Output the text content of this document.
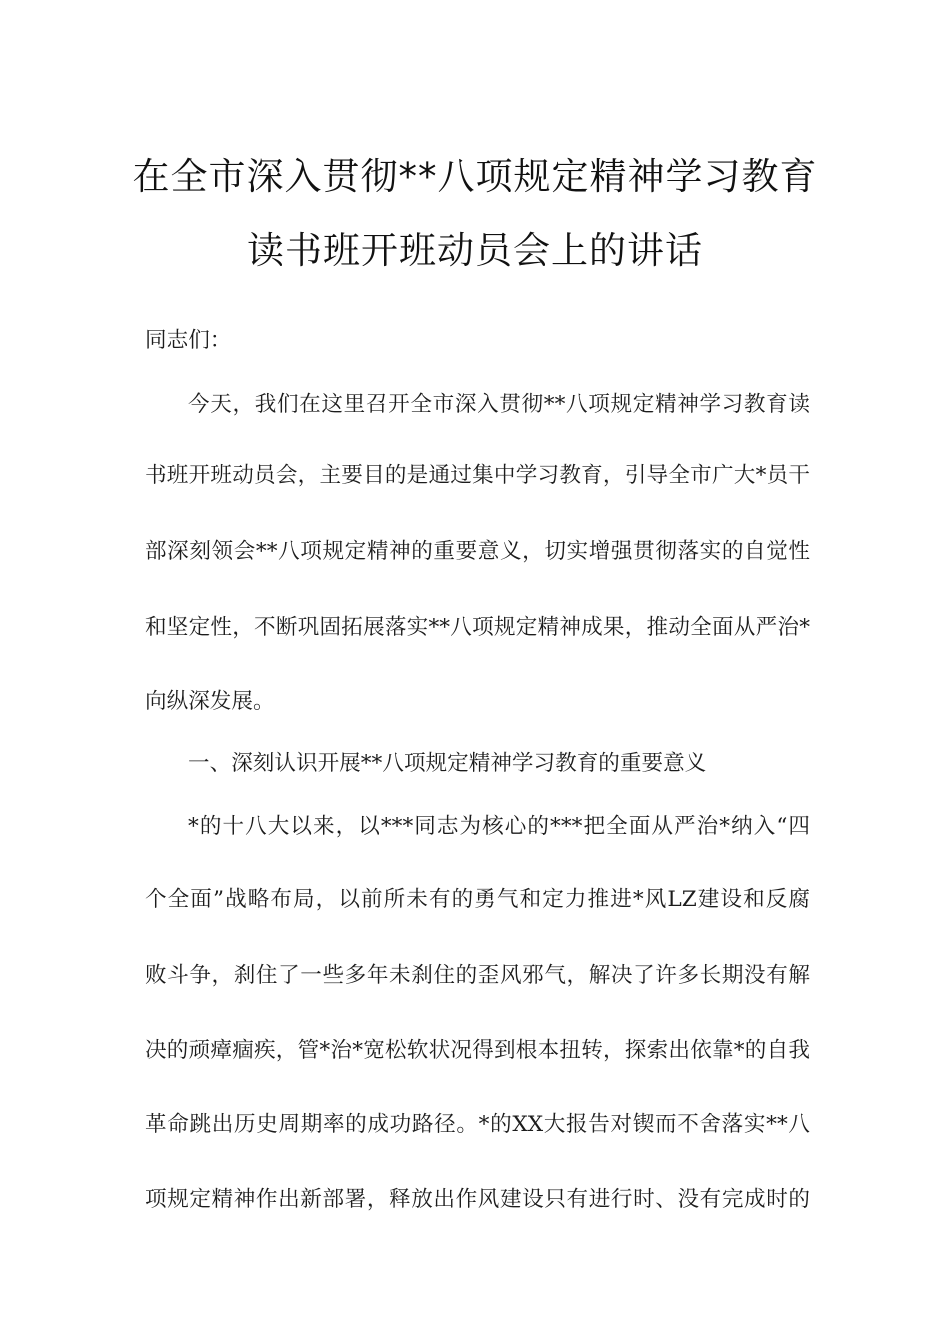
在全市深入贯彻**八项规定精神学习教育
读书班开班动员会上的讲话
同志们：
今天，我们在这里召开全市深入贯彻**八项规定精神学习教育读
书班开班动员会，主要目的是通过集中学习教育，引导全市广大*员干
部深刻领会**八项规定精神的重要意义，切实增强贯彻落实的自觉性
和坚定性，不断巩固拓展落实**八项规定精神成果，推动全面从严治*
向纵深发展。
一、深刻认识开展**八项规定精神学习教育的重要意义
*的十八大以来，以***同志为核心的***把全面从严治*纳入“四
个全面”战略布局，以前所未有的勇气和定力推进*风LZ建设和反腐
败斗争，刹住了一些多年未刹住的歪风邪气，解决了许多长期没有解
决的顽瘴痼疾，管*治*宽松软状况得到根本扭转，探索出依靠*的自我
革命跳出历史周期率的成功路径。*的XX大报告对锲而不舍落实**八
项规定精神作出新部署，释放出作风建设只有进行时、没有完成时的
